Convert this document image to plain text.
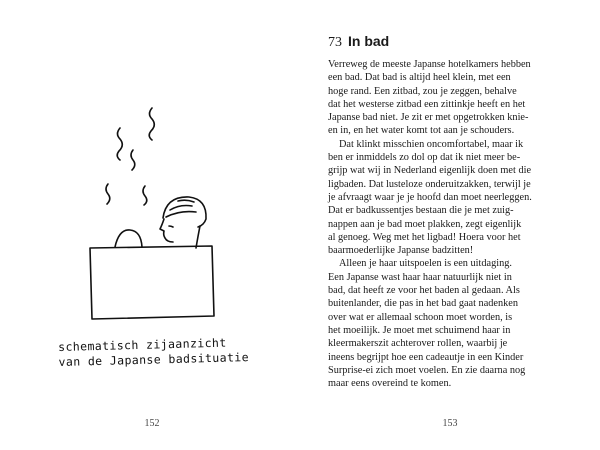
schematisch zijaanzicht
van de Japanse badsituatie
152
73 In bad
Verreweg de meeste Japanse hotelkamers hebben
een bad. Dat bad is altijd heel klein, met een
hoge rand. Een zitbad, zou je zeggen, behalve
dat het westerse zitbad een zittinkje heeft en het
Japanse bad niet. Je zit er met opgetrokken knie-
en in, en het water komt tot aan je schouders.
Dat klinkt misschien oncomfortabel, maar ik
ben er inmiddels zo dol op dat ik niet meer be-
grijp wat wij in Nederland eigenlijk doen met die
ligbaden. Dat lusteloze onderuitzakken, terwijl je
je afvraagt waar je je hoofd dan moet neerleggen.
Dat er badkussentjes bestaan die je met zuig-
nappen aan je bad moet plakken, zegt eigenlijk
al genoeg. Weg met het ligbad! Hoera voor het
baarmoederlijke Japanse badzitten!
Alleen je haar uitspoelen is een uitdaging.
Een Japanse wast haar haar natuurlijk niet in
bad, dat heeft ze voor het baden al gedaan. Als
buitenlander, die pas in het bad gaat nadenken
over wat er allemaal schoon moet worden, is
het moeilijk. Je moet met schuimend haar in
kleermakerszit achterover rollen, waarbij je
ineens begrijpt hoe een cadeautje in een Kinder
Surprise-ei zich moet voelen. En zie daarna nog
maar eens overeind te komen.
153
